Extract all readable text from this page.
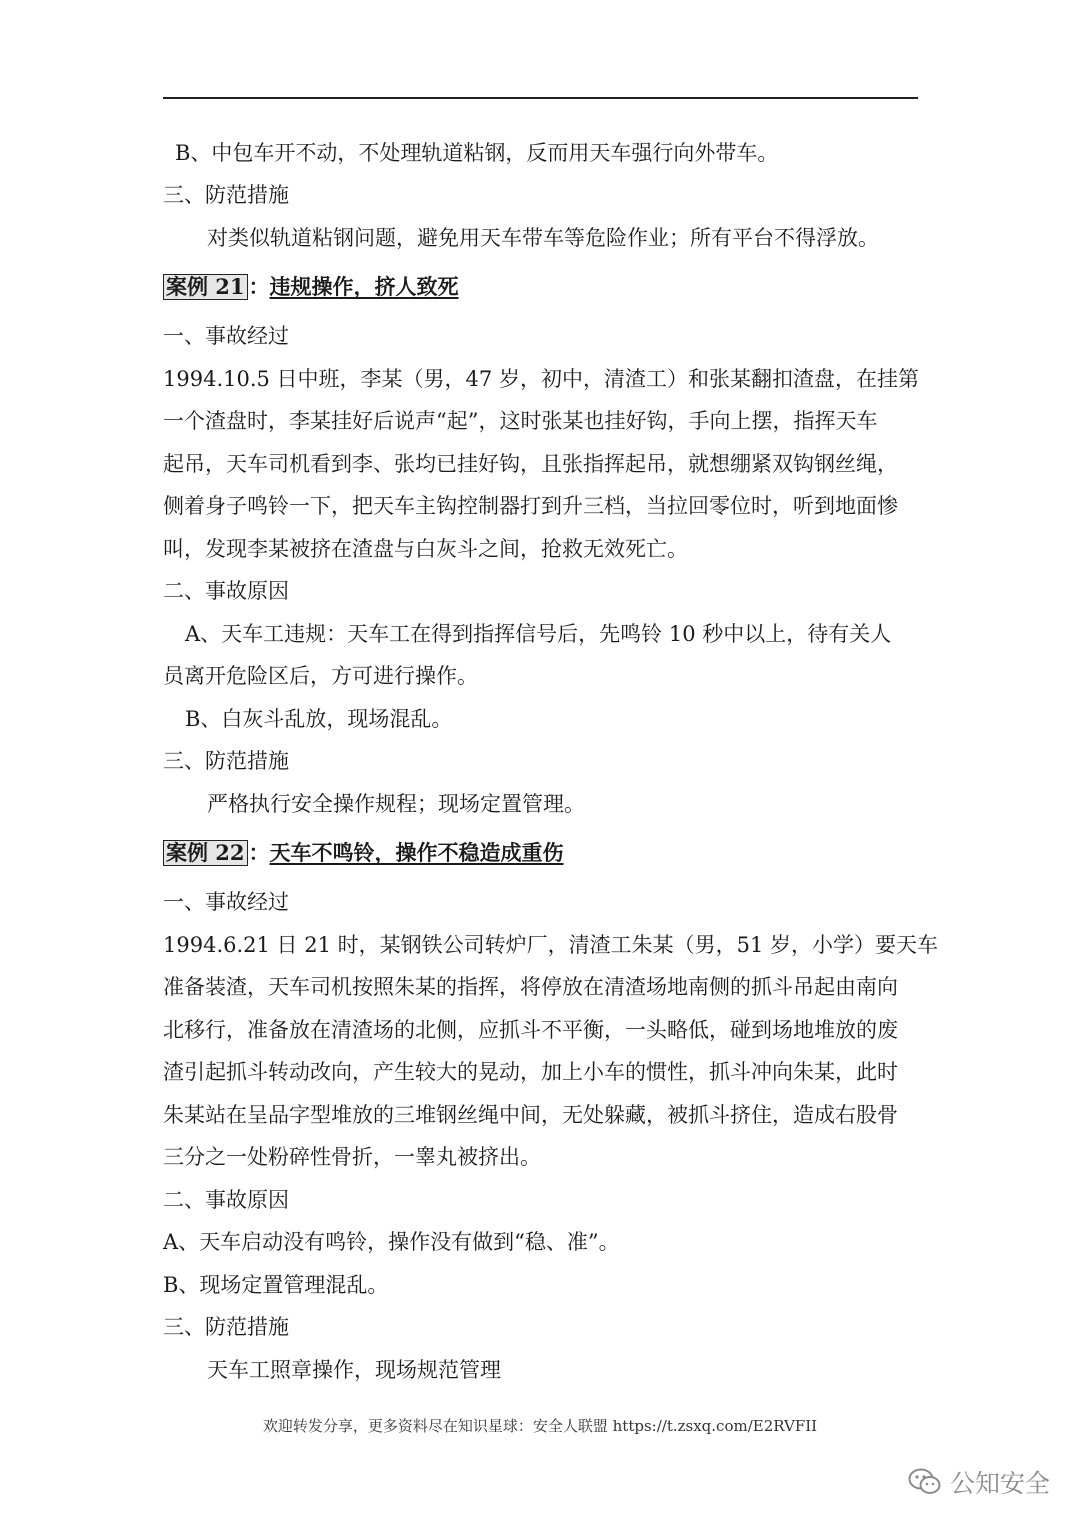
B、中包车开不动，不处理轨道粘钢，反而用天车强行向外带车。
三、防范措施
对类似轨道粘钢问题，避免用天车带车等危险作业；所有平台不得浮放。
案例 21 ：违规操作，挤人致死
一、事故经过
1994.10.5 日中班，李某（男，47 岁，初中，清渣工）和张某翻扣渣盘，在挂第
一个渣盘时，李某挂好后说声“起”，这时张某也挂好钩，手向上摆，指挥天车
起吊，天车司机看到李、张均已挂好钩，且张指挥起吊，就想绷紧双钩钢丝绳，
侧着身子鸣铃一下，把天车主钩控制器打到升三档，当拉回零位时，听到地面惨
叫，发现李某被挤在渣盘与白灰斗之间，抢救无效死亡。
二、事故原因
A、天车工违规：天车工在得到指挥信号后，先鸣铃 10 秒中以上，待有关人
员离开危险区后，方可进行操作。
B、白灰斗乱放，现场混乱。
三、防范措施
严格执行安全操作规程；现场定置管理。
案例 22 ：天车不鸣铃，操作不稳造成重伤
一、事故经过
1994.6.21 日 21 时，某钢铁公司转炉厂，清渣工朱某（男，51 岁，小学）要天车
准备装渣，天车司机按照朱某的指挥，将停放在清渣场地南侧的抓斗吊起由南向
北移行，准备放在清渣场的北侧，应抓斗不平衡，一头略低，碰到场地堆放的废
渣引起抓斗转动改向，产生较大的晃动，加上小车的惯性，抓斗冲向朱某，此时
朱某站在呈品字型堆放的三堆钢丝绳中间，无处躲藏，被抓斗挤住，造成右股骨
三分之一处粉碎性骨折，一睾丸被挤出。
二、事故原因
A、天车启动没有鸣铃，操作没有做到“稳、准”。
B、现场定置管理混乱。
三、防范措施
天车工照章操作，现场规范管理
欢迎转发分享，更多资料尽在知识星球：安全人联盟 https://t.zsxq.com/E2RVFII
公知安全
